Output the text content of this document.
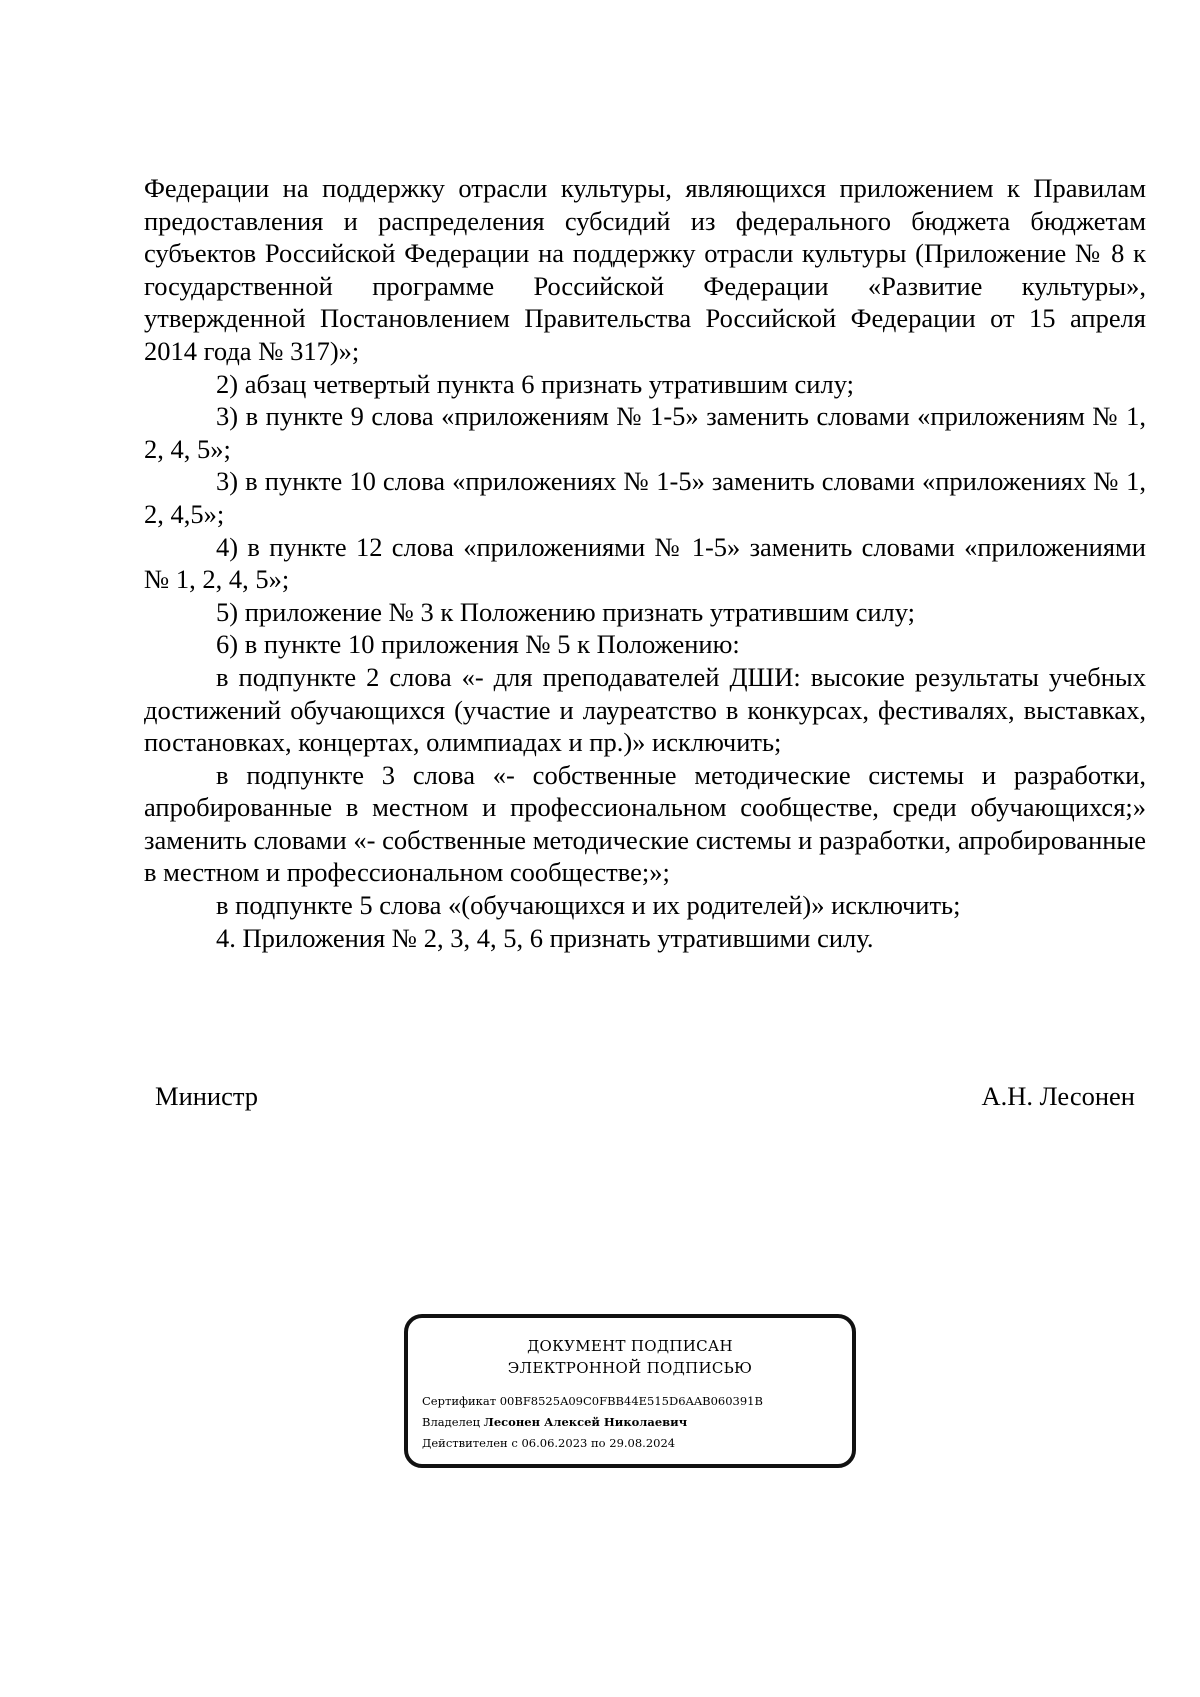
Федерации на поддержку отрасли культуры, являющихся приложением к Правилам предоставления и распределения субсидий из федерального бюджета бюджетам субъектов Российской Федерации на поддержку отрасли культуры (Приложение № 8 к государственной программе Российской Федерации «Развитие культуры», утвержденной Постановлением Правительства Российской Федерации от 15 апреля 2014 года № 317)»;

2) абзац четвертый пункта 6 признать утратившим силу;

3) в пункте 9 слова «приложениям № 1-5» заменить словами «приложениям № 1, 2, 4, 5»;

3) в пункте 10 слова «приложениях № 1-5» заменить словами «приложениях № 1, 2, 4,5»;

4) в пункте 12 слова «приложениями № 1-5» заменить словами «приложениями № 1, 2, 4, 5»;

5) приложение № 3 к Положению признать утратившим силу;

6) в пункте 10 приложения № 5 к Положению:

в подпункте 2 слова «- для преподавателей ДШИ: высокие результаты учебных достижений обучающихся (участие и лауреатство в конкурсах, фестивалях, выставках, постановках, концертах, олимпиадах и пр.)» исключить;

в подпункте 3 слова «- собственные методические системы и разработки, апробированные в местном и профессиональном сообществе, среди обучающихся;» заменить словами «- собственные методические системы и разработки, апробированные в местном и профессиональном сообществе;»;

в подпункте 5 слова «(обучающихся и их родителей)» исключить;

4. Приложения № 2, 3, 4, 5, 6 признать утратившими силу.

Министр	А.Н. Лесонен
ДОКУМЕНТ ПОДПИСАН
ЭЛЕКТРОННОЙ ПОДПИСЬЮ
Сертификат 00BF8525A09C0FBB44E515D6AAB060391B
Владелец Лесонен Алексей Николаевич
Действителен с 06.06.2023 по 29.08.2024
